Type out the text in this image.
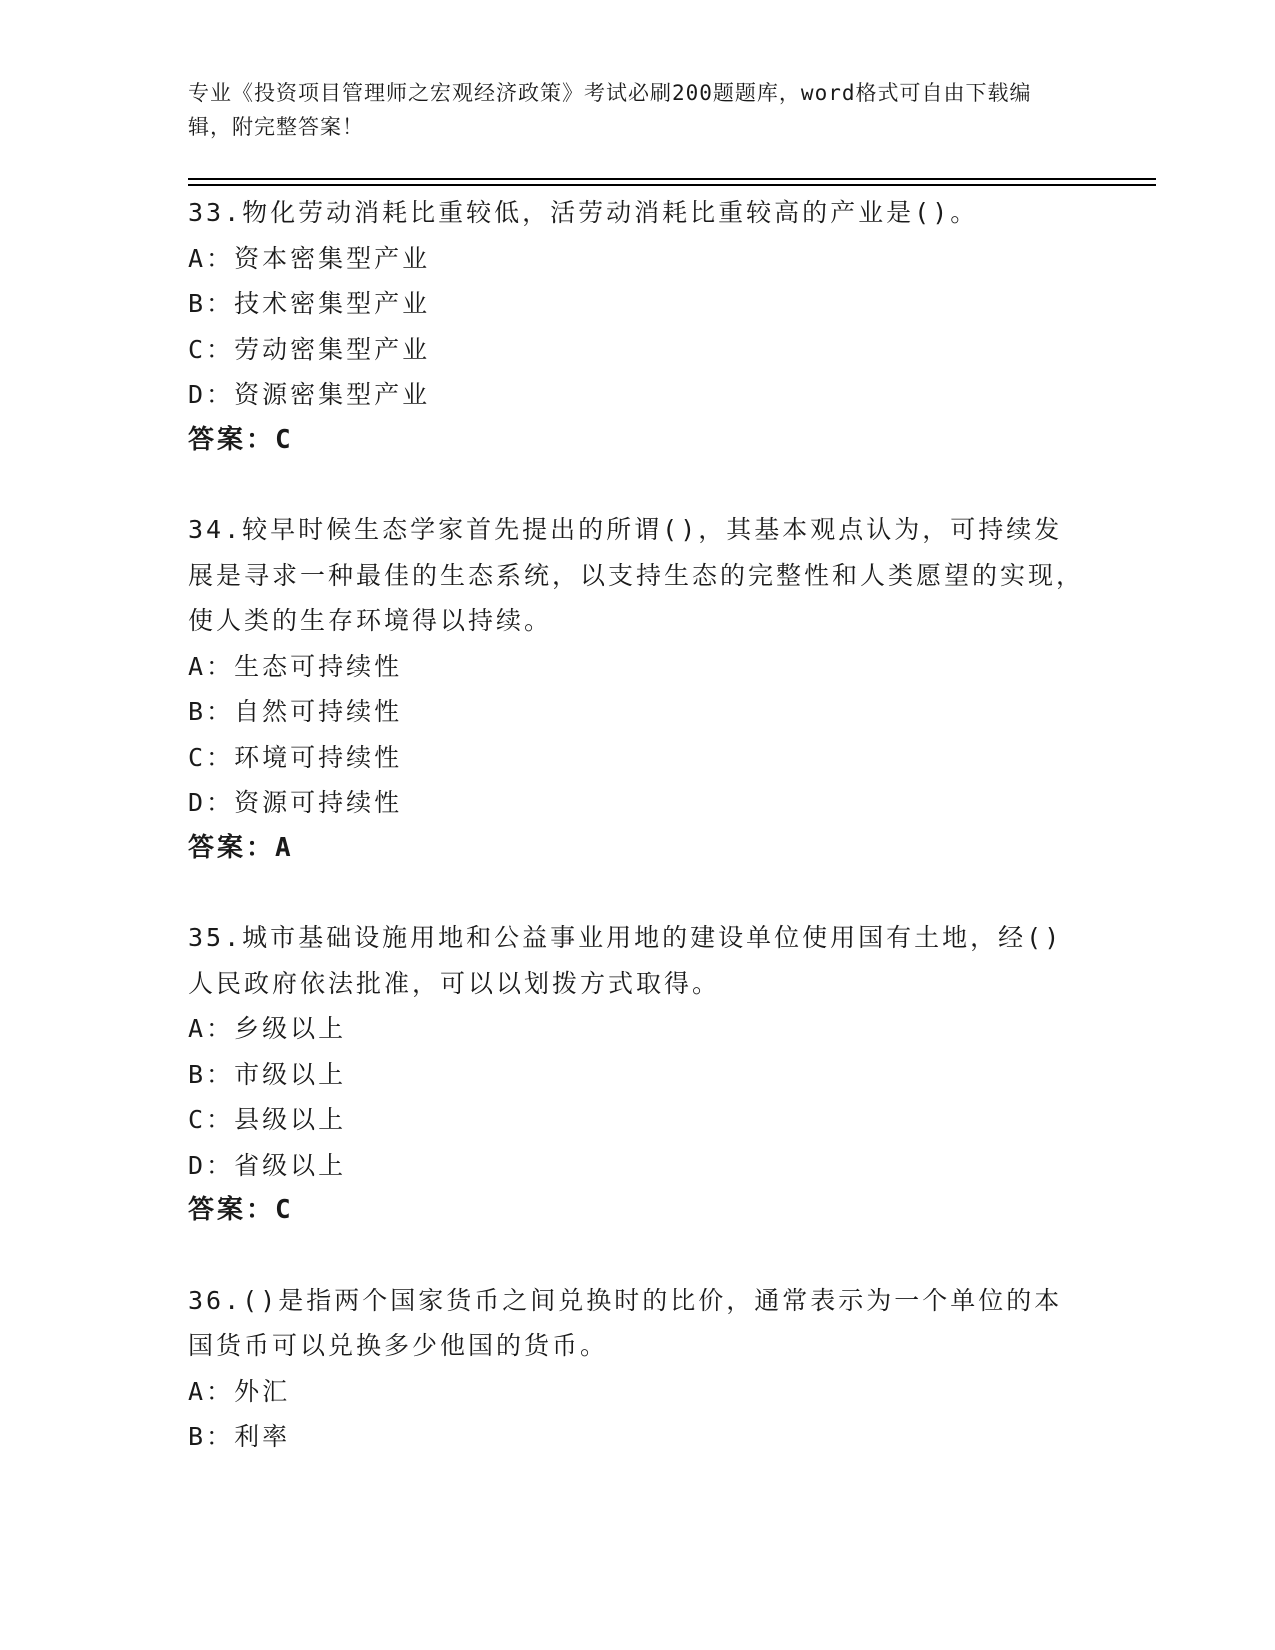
专业《投资项目管理师之宏观经济政策》考试必刷200题题库，word格式可自由下载编辑，附完整答案！
33.物化劳动消耗比重较低，活劳动消耗比重较高的产业是()。
A：资本密集型产业
B：技术密集型产业
C：劳动密集型产业
D：资源密集型产业
答案：C
34.较早时候生态学家首先提出的所谓()，其基本观点认为，可持续发展是寻求一种最佳的生态系统，以支持生态的完整性和人类愿望的实现，使人类的生存环境得以持续。
A：生态可持续性
B：自然可持续性
C：环境可持续性
D：资源可持续性
答案：A
35.城市基础设施用地和公益事业用地的建设单位使用国有土地，经()人民政府依法批准，可以以划拨方式取得。
A：乡级以上
B：市级以上
C：县级以上
D：省级以上
答案：C
36.()是指两个国家货币之间兑换时的比价，通常表示为一个单位的本国货币可以兑换多少他国的货币。
A：外汇
B：利率
